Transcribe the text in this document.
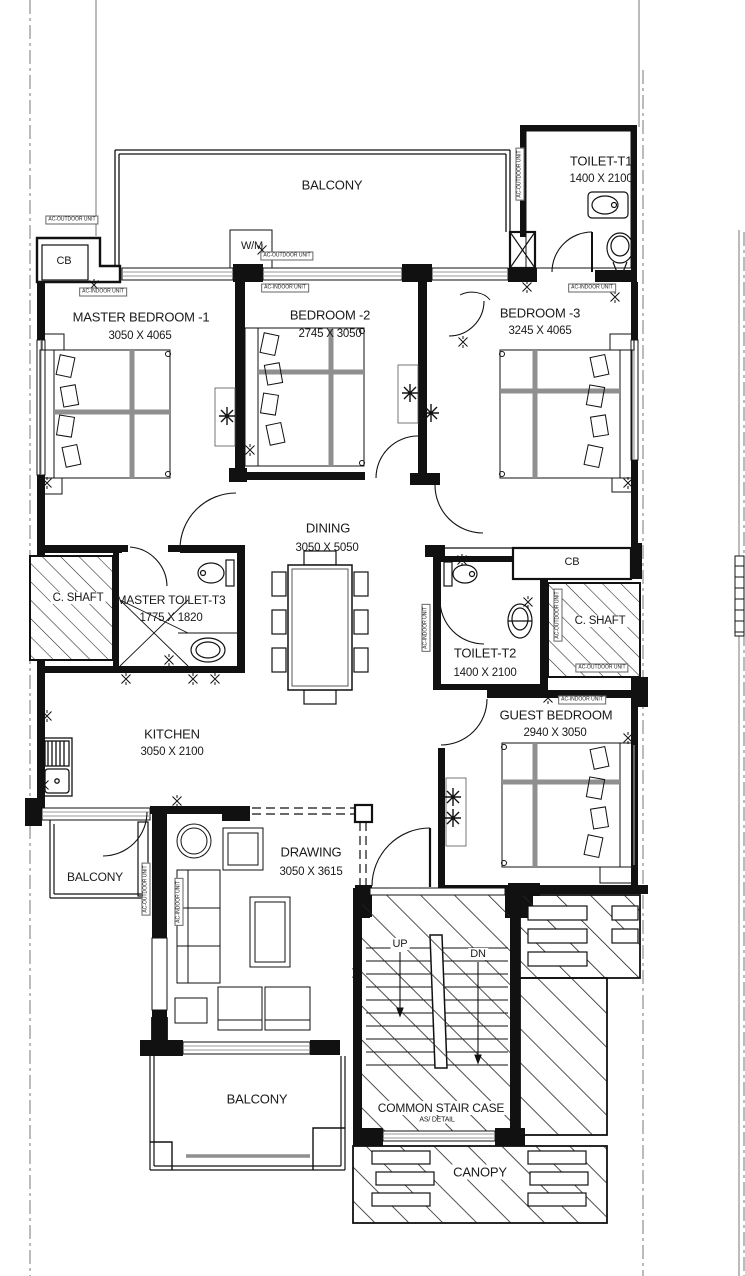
BALCONY
TOILET-T1
1400 X 2100
MASTER BEDROOM -1
3050 X 4065
BEDROOM -2
2745 X 3050
BEDROOM -3
3245 X 4065
DINING
3050 X 5050
MASTER TOILET-T3
1775 X 1820
C. SHAFT
C. SHAFT
TOILET-T2
1400 X 2100
KITCHEN
3050 X 2100
GUEST BEDROOM
2940 X 3050
BALCONY
DRAWING
3050 X 3615
BALCONY
COMMON STAIR CASE
AS/ DETAIL
CANOPY
CB
CB
W/M
UP
DN
AC-OUTDOOR UNIT
AC-INDOOR UNIT
AC-OUTDOOR UNIT
AC-INDOOR UNIT
AC-OUTDOOR UNIT
AC-INDOOR UNIT
AC-INDOOR UNIT	AC-OUTDOOR UNIT
AC-OUTDOOR UNIT
AC-INDOOR UNIT
AC-OUTDOOR UNIT	AC-INDOOR UNIT
